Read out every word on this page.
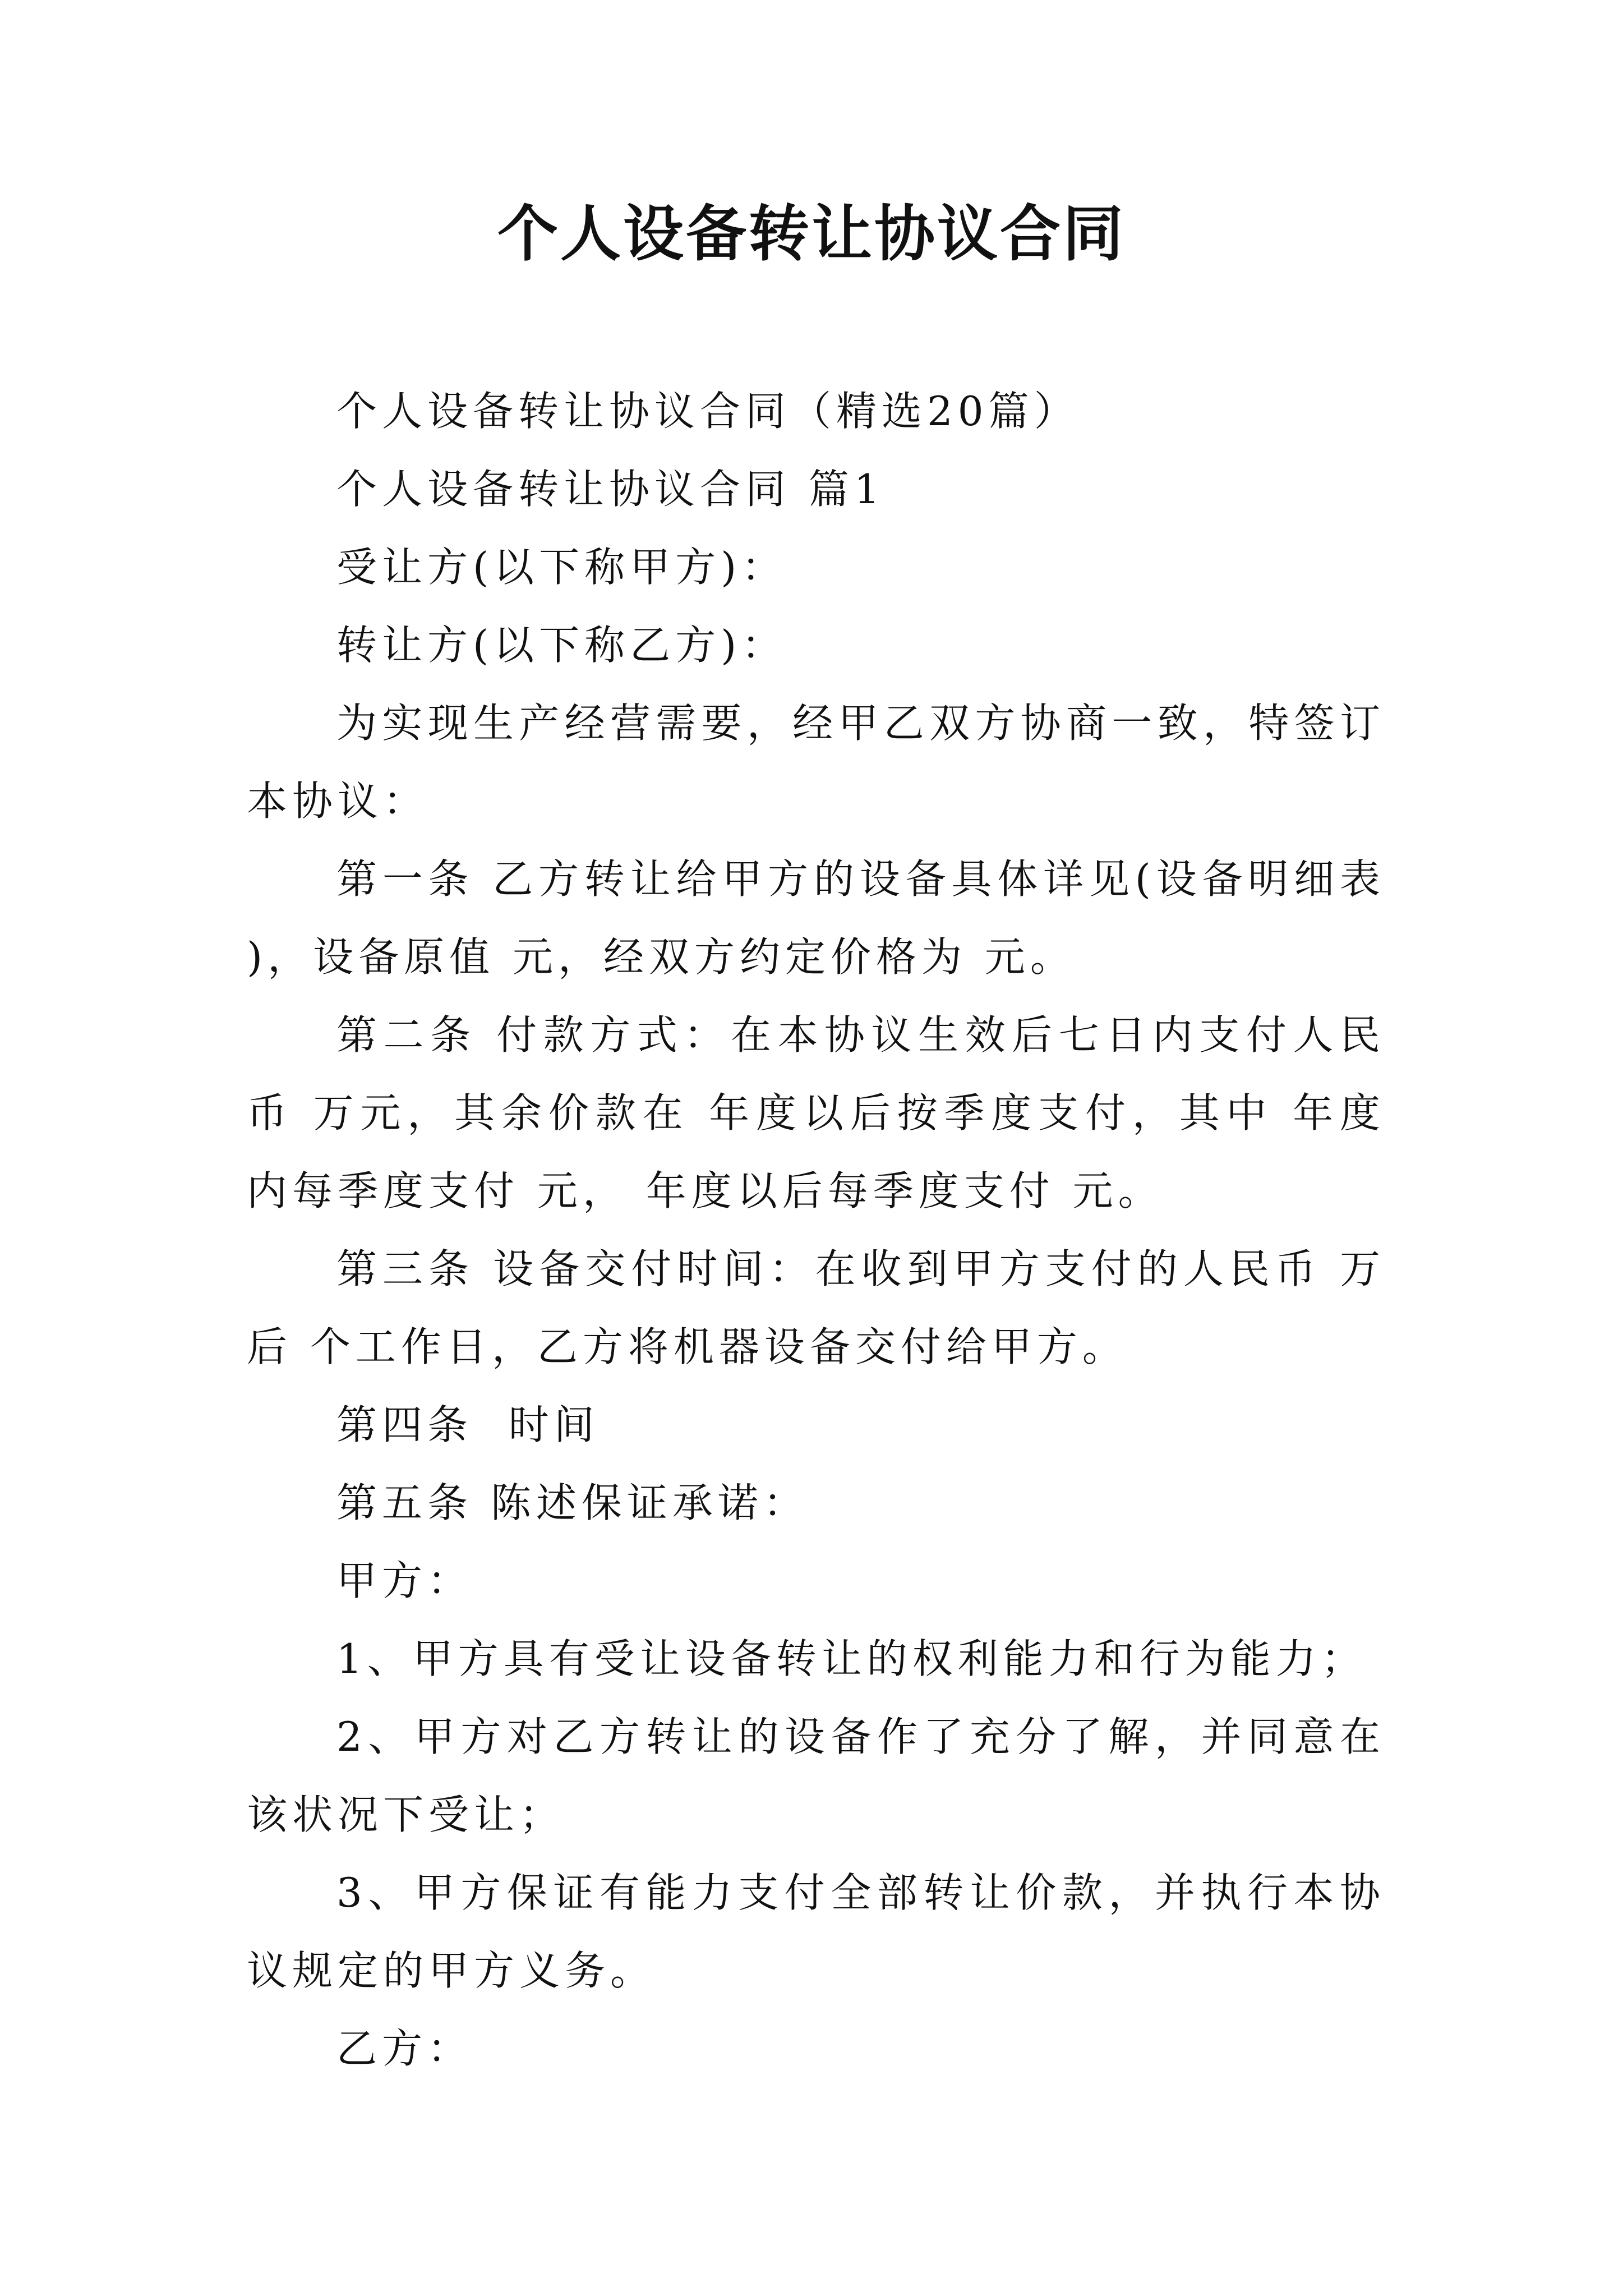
个人设备转让协议合同

个人设备转让协议合同（精选20篇）

个人设备转让协议合同 篇1

受让方(以下称甲方)：

转让方(以下称乙方)：

为实现生产经营需要，经甲乙双方协商一致，特签订本协议：

第一条 乙方转让给甲方的设备具体详见(设备明细表)，设备原值 元，经双方约定价格为 元。

第二条 付款方式：在本协议生效后七日内支付人民币 万元，其余价款在 年度以后按季度支付，其中 年度内每季度支付 元， 年度以后每季度支付 元。

第三条 设备交付时间：在收到甲方支付的人民币 万后 个工作日，乙方将机器设备交付给甲方。

第四条  时间

第五条 陈述保证承诺：

甲方：

1、甲方具有受让设备转让的权利能力和行为能力；

2、甲方对乙方转让的设备作了充分了解，并同意在该状况下受让；

3、甲方保证有能力支付全部转让价款，并执行本协议规定的甲方义务。

乙方：
